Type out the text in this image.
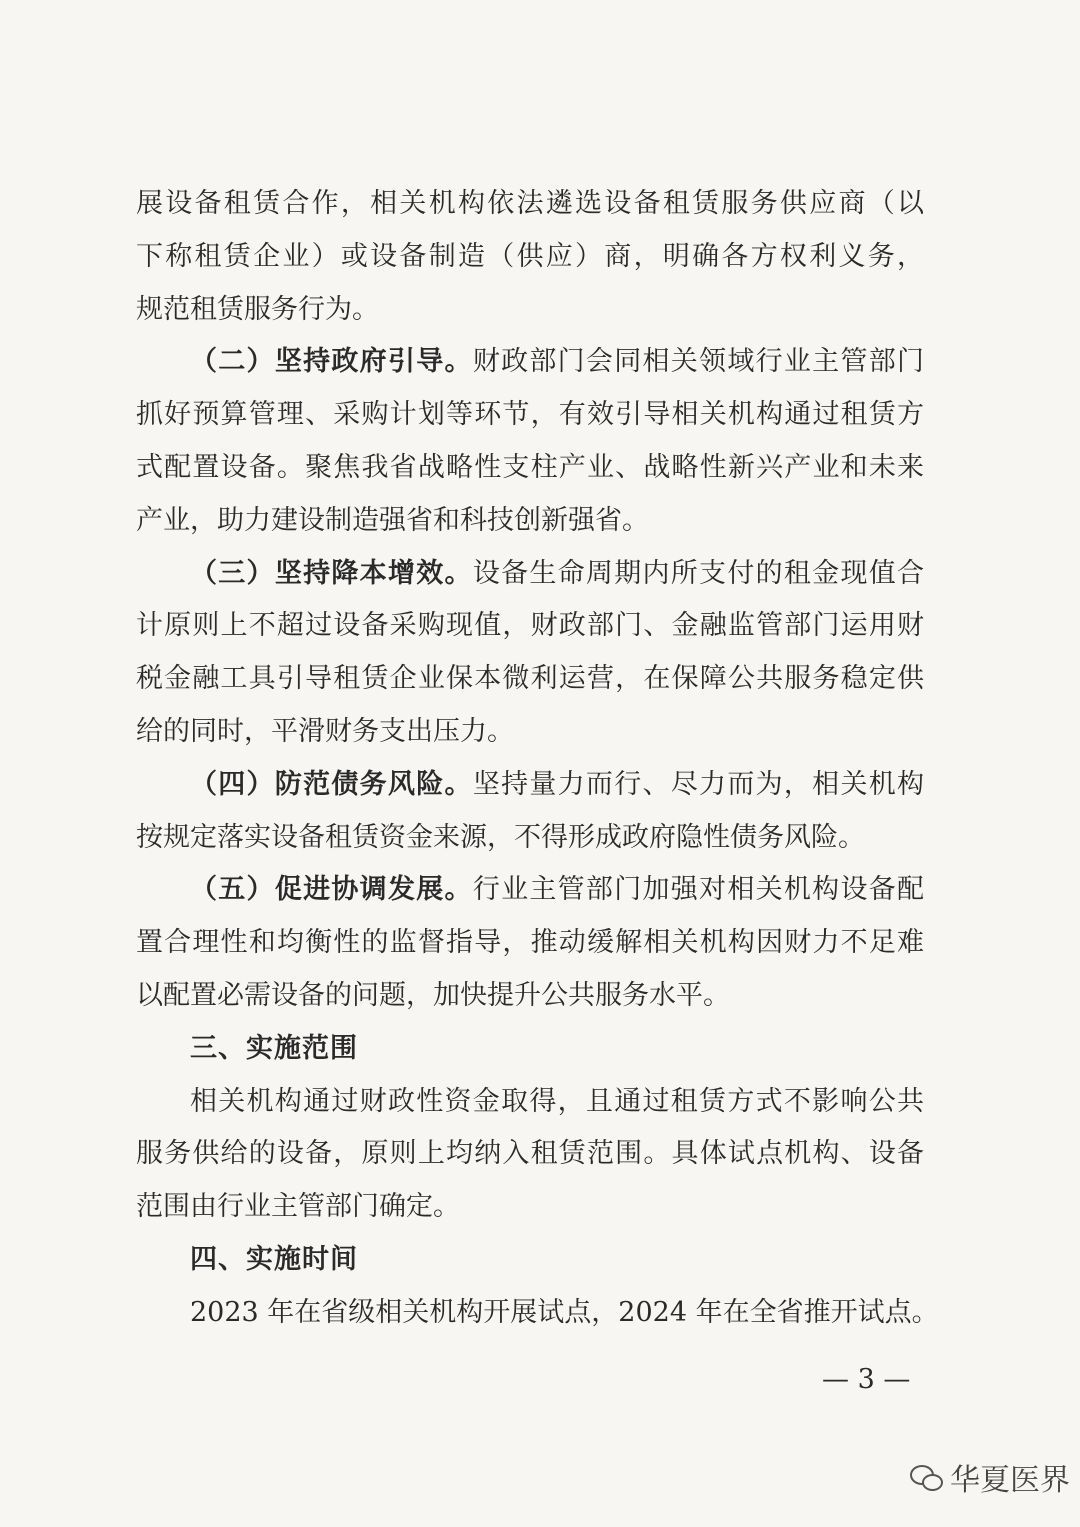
展设备租赁合作，相关机构依法遴选设备租赁服务供应商（以
下称租赁企业）或设备制造（供应）商，明确各方权利义务，
规范租赁服务行为。
（二）坚持政府引导。财政部门会同相关领域行业主管部门
抓好预算管理、采购计划等环节，有效引导相关机构通过租赁方
式配置设备。聚焦我省战略性支柱产业、战略性新兴产业和未来
产业，助力建设制造强省和科技创新强省。
（三）坚持降本增效。设备生命周期内所支付的租金现值合
计原则上不超过设备采购现值，财政部门、金融监管部门运用财
税金融工具引导租赁企业保本微利运营，在保障公共服务稳定供
给的同时，平滑财务支出压力。
（四）防范债务风险。坚持量力而行、尽力而为，相关机构
按规定落实设备租赁资金来源，不得形成政府隐性债务风险。
（五）促进协调发展。行业主管部门加强对相关机构设备配
置合理性和均衡性的监督指导，推动缓解相关机构因财力不足难
以配置必需设备的问题，加快提升公共服务水平。
三、实施范围
相关机构通过财政性资金取得，且通过租赁方式不影响公共
服务供给的设备，原则上均纳入租赁范围。具体试点机构、设备
范围由行业主管部门确定。
四、实施时间
2023 年在省级相关机构开展试点，2024 年在全省推开试点。
— 3 —
华夏医界
